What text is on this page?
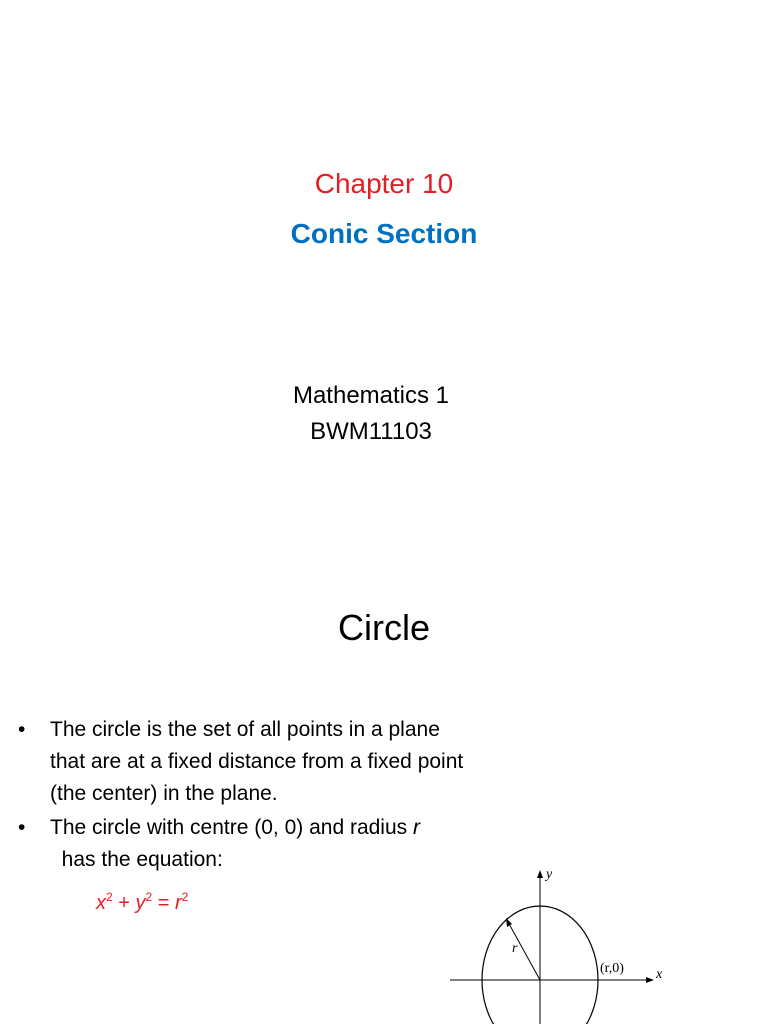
Chapter 10
Conic Section
Mathematics 1
BWM11103
Circle
•	The circle is the set of all points in a plane that are at a fixed distance from a fixed point (the center) in the plane.
•	The circle with centre (0, 0) and radius r  has the equation:
$x^2 + y^2 = r^2$
y
x
r
(r,0)
